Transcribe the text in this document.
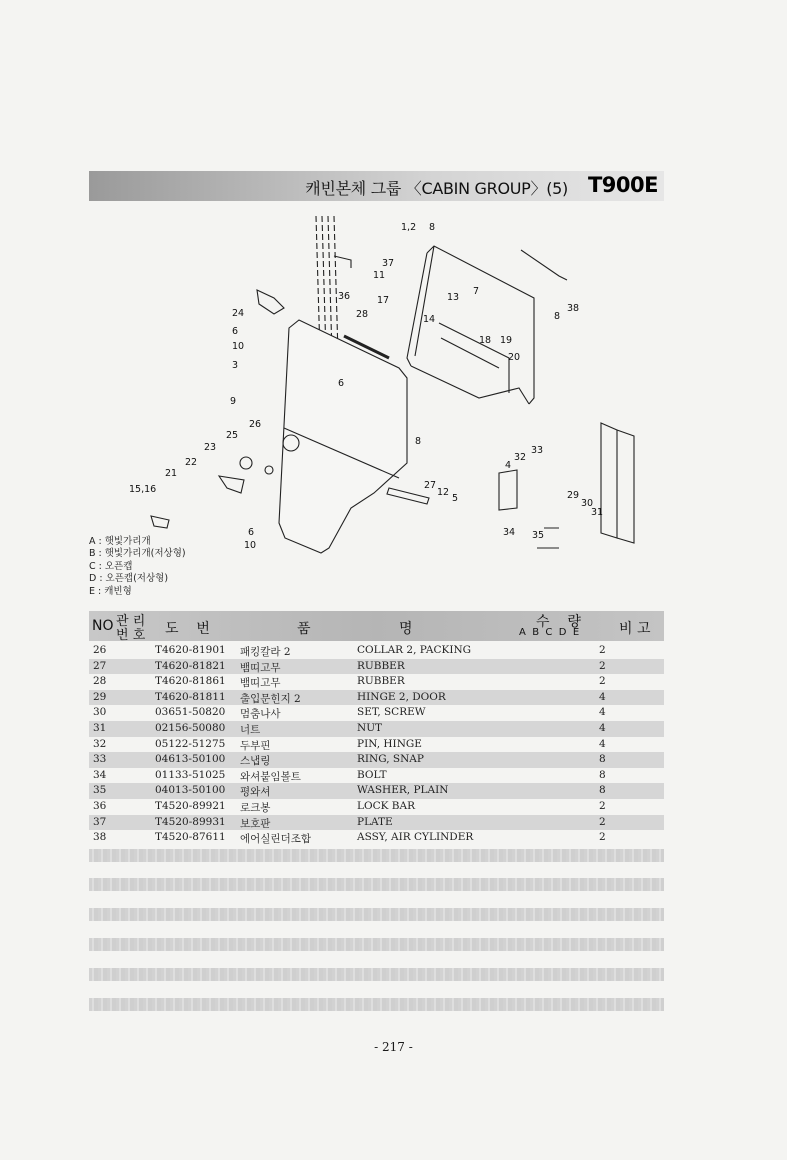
캐빈본체 그룹 〈CABIN GROUP〉(5) T900E
1,2 8
37
11
36	17
24	28
13
7
38
8
14
18 19
20
6
10
3
6
9
26
25
23
22
21
15,16
8
33
32
4
27
12
5	29
30
31
34 35
6
10
A : 햇빛가리개
B : 햇빛가리개(저상형)
C : 오픈캡
D : 오픈캡(저상형)
E : 캐빈형
NO 관 리
번 호 도    번	품	명	수    량
A  B  C  D  E	비 고
26	T4620-81901 패킹칼라 2	COLLAR 2, PACKING	2
27	T4620-81821 뱀띠고무	RUBBER	2
28	T4620-81861 뱀띠고무	RUBBER	2
29	T4620-81811 출입문힌지 2	HINGE 2, DOOR	4
30	03651-50820 멈춤나사	SET, SCREW	4
31	02156-50080 너트	NUT	4
32	05122-51275 두부핀	PIN, HINGE	4
33	04613-50100 스냅링	RING, SNAP	8
34	01133-51025 와셔붙임볼트	BOLT	8
35	04013-50100 평와셔	WASHER, PLAIN	8
36	T4520-89921 로크봉	LOCK BAR	2
37	T4520-89931 보호판	PLATE	2
38	T4520-87611 에어실린더조합	ASSY, AIR CYLINDER	2
- 217 -
